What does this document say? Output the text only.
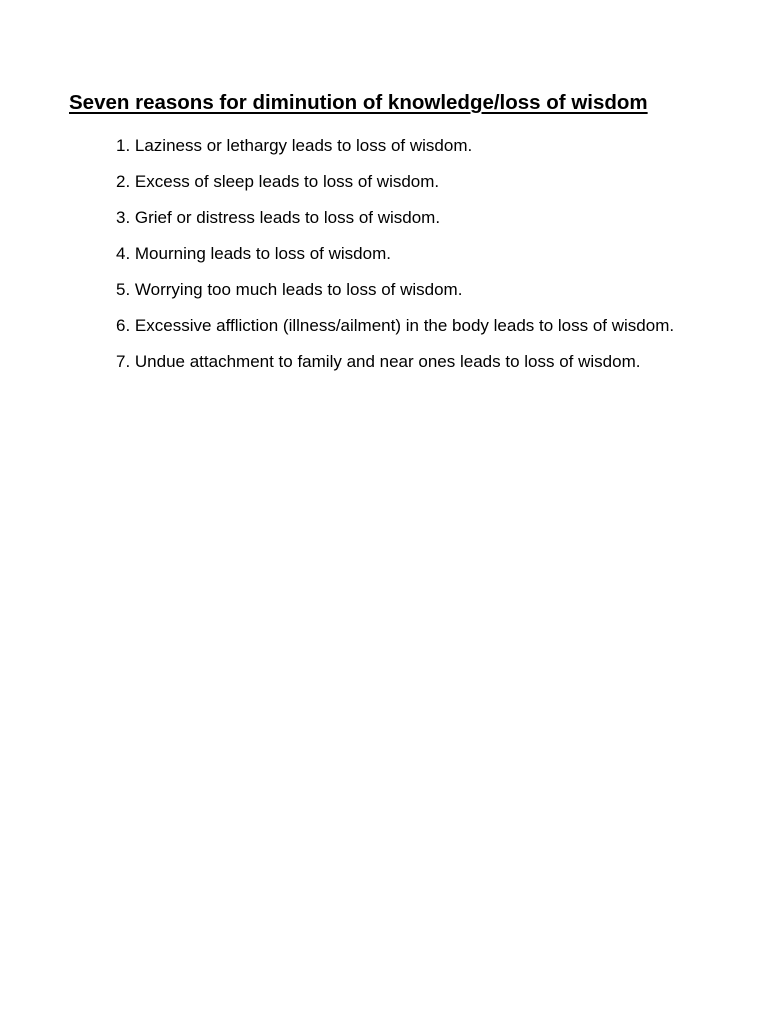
Seven reasons for diminution of knowledge/loss of wisdom
1. Laziness or lethargy leads to loss of wisdom.
2. Excess of sleep leads to loss of wisdom.
3. Grief or distress leads to loss of wisdom.
4. Mourning leads to loss of wisdom.
5. Worrying too much leads to loss of wisdom.
6. Excessive affliction (illness/ailment) in the body leads to loss of wisdom.
7. Undue attachment to family and near ones leads to loss of wisdom.
